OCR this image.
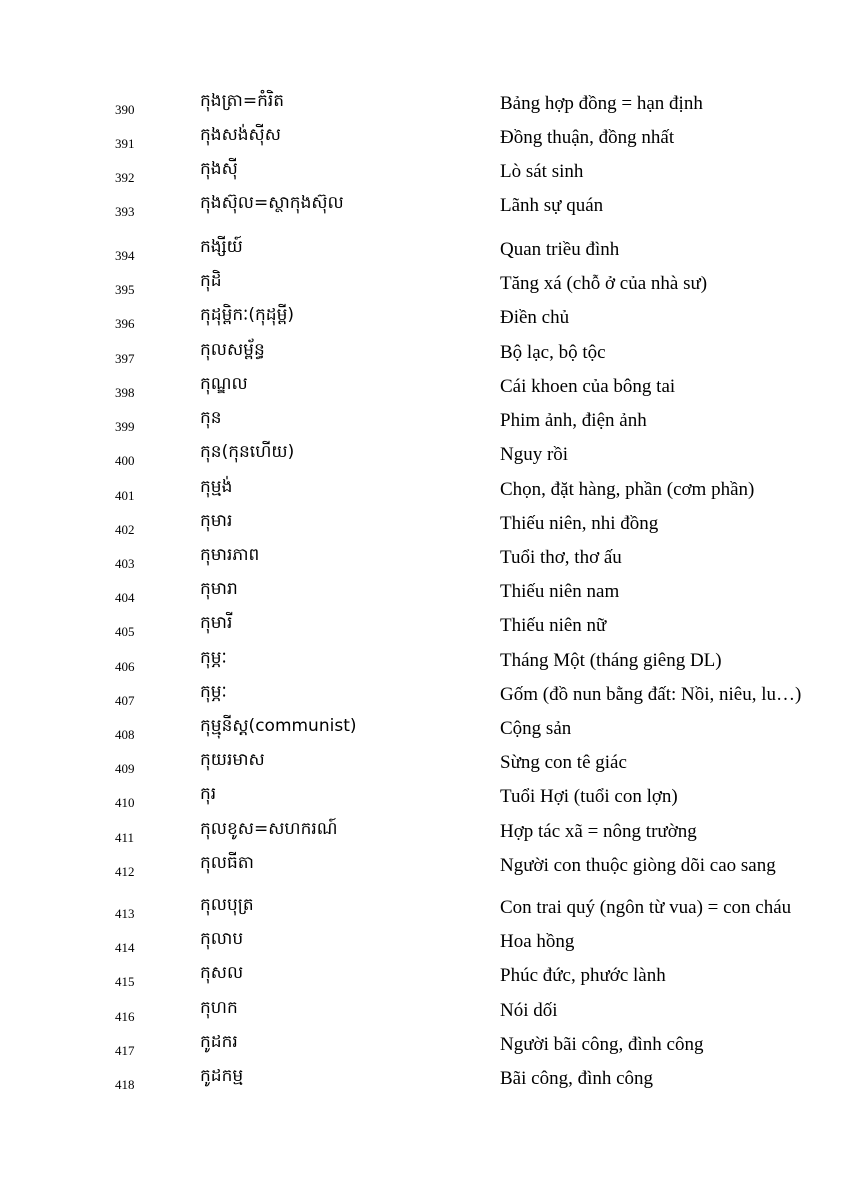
390	កុងត្រា=កំរិត	Bảng hợp đồng = hạn định
391	កុងសង់ស៊ីស	Đồng thuận, đồng nhất
392	កុងស៊ី	Lò sát sinh
393	កុងស៊ុល=ស្ថាកុងស៊ុល	Lãnh sự quán
394	កង្សីយ៍	Quan triều đình
395	កុដិ	Tăng xá (chỗ ở của nhà sư)
396	កុដុម្ពិកៈ(កុដុម្ពី)	Điền chủ
397	កុលសម្ព័ន្ធ	Bộ lạc, bộ tộc
398	កុណ្ឌល	Cái khoen của bông tai
399	កុន	Phim ảnh, điện ảnh
400	កុន(កុនហើយ)	Nguy rồi
401	កុម្មង់	Chọn, đặt hàng, phần (cơm phần)
402	កុមារ	Thiếu niên, nhi đồng
403	កុមារភាព	Tuổi thơ, thơ ấu
404	កុមារា	Thiếu niên nam
405	កុមារី	Thiếu niên nữ
406	កុម្ភៈ	Tháng Một (tháng giêng DL)
407	កុម្ភៈ	Gốm (đồ nun bằng đất: Nồi, niêu, lu…)
408	កុម្មុនីស្ត(communist)	Cộng sản
409	កុយរមាស	Sừng con tê giác
410	កុរ	Tuổi Hợi (tuổi con lợn)
411	កុលខូស=សហករណ៍	Hợp tác xã = nông trường
412	កុលធីតា	Người con thuộc giòng dõi cao sang
413	កុលបុត្រ	Con trai quý (ngôn từ vua) = con cháu
414	កុលាប	Hoa hồng
415	កុសល	Phúc đức, phước lành
416	កុហក	Nói dối
417	កូដករ	Người bãi công, đình công
418	កូដកម្ម	Bãi công, đình công
